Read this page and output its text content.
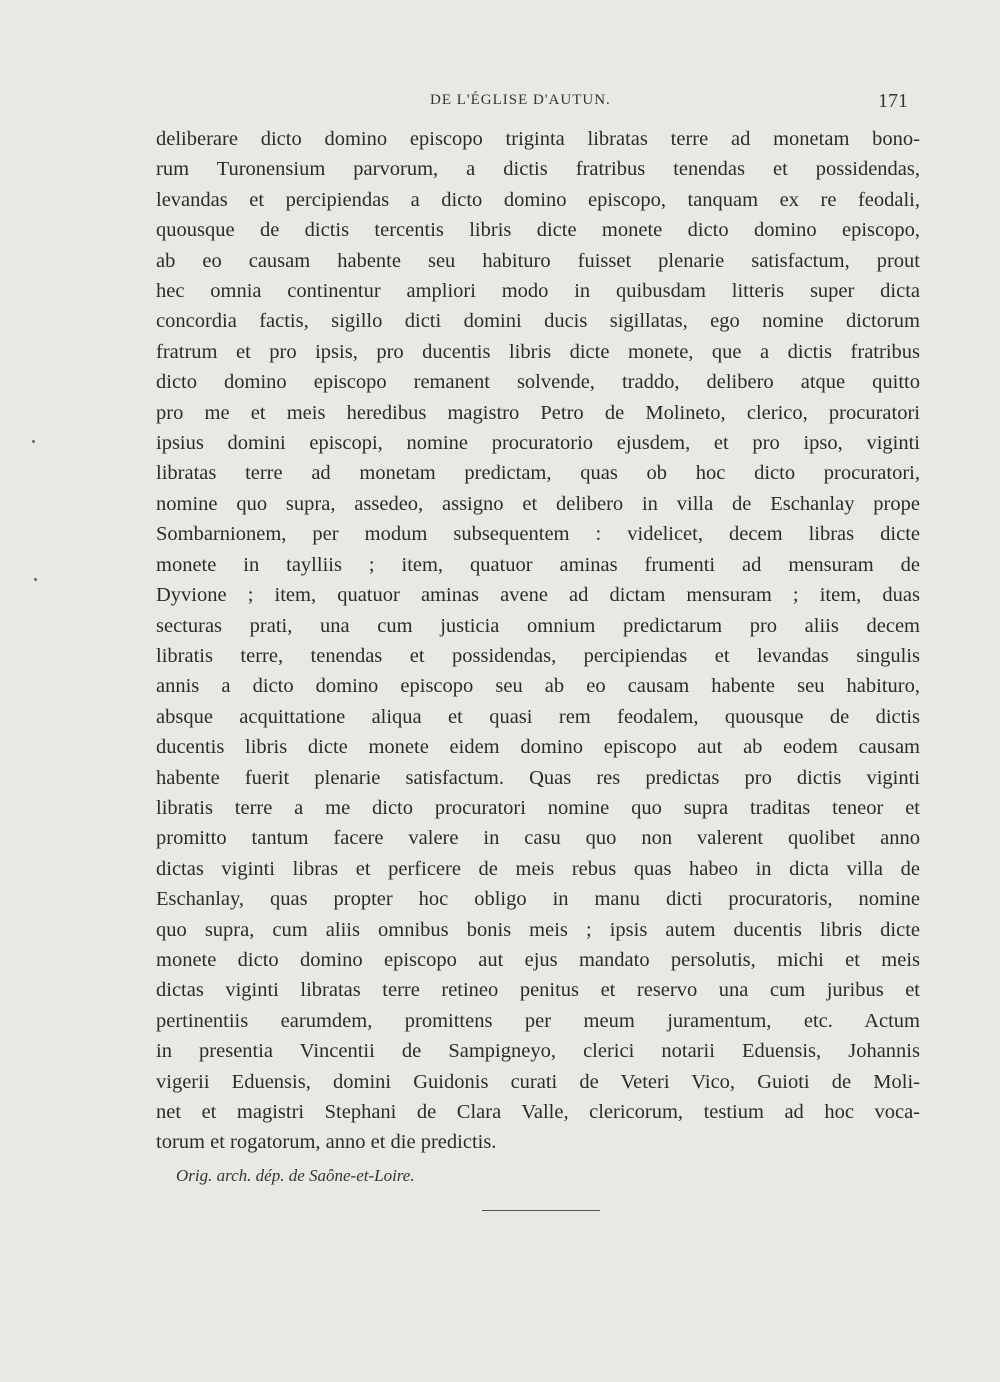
DE L'ÉGLISE D'AUTUN.	171
deliberare dicto domino episcopo triginta libratas terre ad monetam bono-
rum Turonensium parvorum, a dictis fratribus tenendas et possidendas,
levandas et percipiendas a dicto domino episcopo, tanquam ex re feodali,
quousque de dictis tercentis libris dicte monete dicto domino episcopo,
ab eo causam habente seu habituro fuisset plenarie satisfactum, prout
hec omnia continentur ampliori modo in quibusdam litteris super dicta
concordia factis, sigillo dicti domini ducis sigillatas, ego nomine dictorum
fratrum et pro ipsis, pro ducentis libris dicte monete, que a dictis fratribus
dicto domino episcopo remanent solvende, traddo, delibero atque quitto
pro me et meis heredibus magistro Petro de Molineto, clerico, procuratori
ipsius domini episcopi, nomine procuratorio ejusdem, et pro ipso, viginti
libratas terre ad monetam predictam, quas ob hoc dicto procuratori,
nomine quo supra, assedeo, assigno et delibero in villa de Eschanlay prope
Sombarnionem, per modum subsequentem : videlicet, decem libras dicte
monete in taylliis ; item, quatuor aminas frumenti ad mensuram de
Dyvione ; item, quatuor aminas avene ad dictam mensuram ; item, duas
secturas prati, una cum justicia omnium predictarum pro aliis decem
libratis terre, tenendas et possidendas, percipiendas et levandas singulis
annis a dicto domino episcopo seu ab eo causam habente seu habituro,
absque acquittatione aliqua et quasi rem feodalem, quousque de dictis
ducentis libris dicte monete eidem domino episcopo aut ab eodem causam
habente fuerit plenarie satisfactum. Quas res predictas pro dictis viginti
libratis terre a me dicto procuratori nomine quo supra traditas teneor et
promitto tantum facere valere in casu quo non valerent quolibet anno
dictas viginti libras et perficere de meis rebus quas habeo in dicta villa de
Eschanlay, quas propter hoc obligo in manu dicti procuratoris, nomine
quo supra, cum aliis omnibus bonis meis ; ipsis autem ducentis libris dicte
monete dicto domino episcopo aut ejus mandato persolutis, michi et meis
dictas viginti libratas terre retineo penitus et reservo una cum juribus et
pertinentiis earumdem, promittens per meum juramentum, etc. Actum
in presentia Vincentii de Sampigneyo, clerici notarii Eduensis, Johannis
vigerii Eduensis, domini Guidonis curati de Veteri Vico, Guioti de Moli-
net et magistri Stephani de Clara Valle, clericorum, testium ad hoc voca-
torum et rogatorum, anno et die predictis.
Orig. arch. dép. de Saône-et-Loire.
